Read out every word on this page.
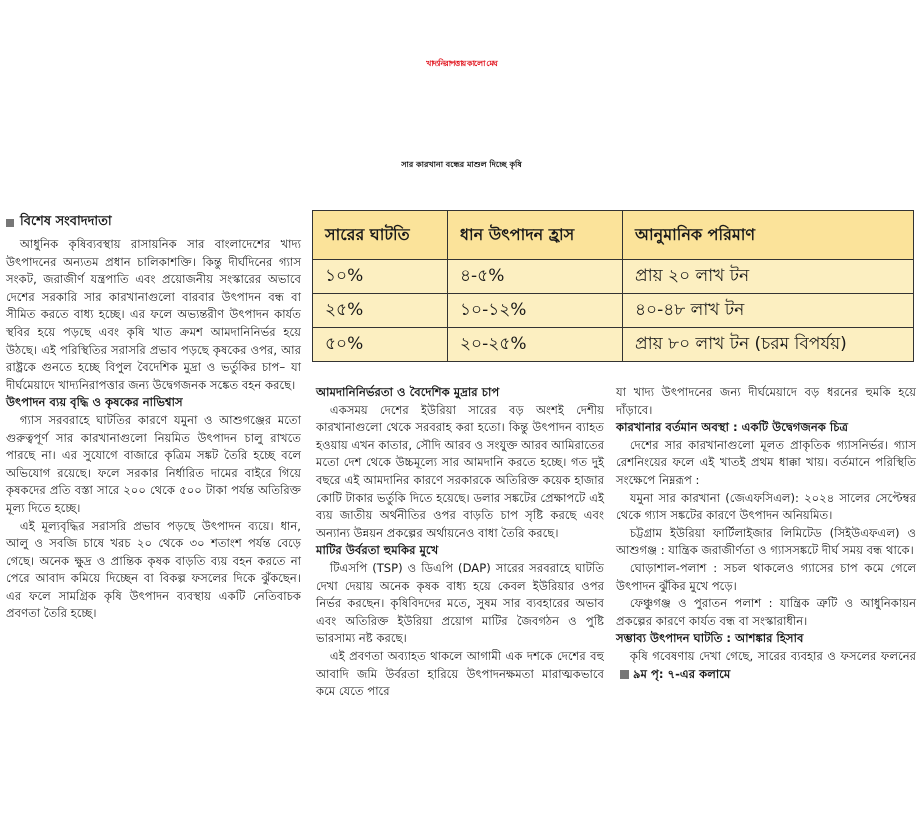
খাদ্যনিরাপত্তায় কালো মেঘ
সার কারখানা বন্ধের মাশুল দিচ্ছে কৃষি
বিশেষ সংবাদদাতা
সারের ঘাটতি	ধান উৎপাদন হ্রাস	আনুমানিক পরিমাণ
১০%	৪-৫%	প্রায় ২০ লাখ টন
২৫%	১০-১২%	৪০-৪৮ লাখ টন
৫০%	২০-২৫%	প্রায় ৮০ লাখ টন (চরম বিপর্যয়)

আধুনিক কৃষিব্যবস্থায় রাসায়নিক সার বাংলাদেশের খাদ্য উৎপাদনের অন্যতম প্রধান চালিকাশক্তি। কিন্তু দীর্ঘদিনের গ্যাস সংকট, জরাজীর্ণ যন্ত্রপাতি এবং প্রয়োজনীয় সংস্কারের অভাবে দেশের সরকারি সার কারখানাগুলো বারবার উৎপাদন বন্ধ বা সীমিত করতে বাধ্য হচ্ছে। এর ফলে অভ্যন্তরীণ উৎপাদন কার্যত স্থবির হয়ে পড়ছে এবং কৃষি খাত ক্রমশ আমদানিনির্ভর হয়ে উঠছে। এই পরিস্থিতির সরাসরি প্রভাব পড়ছে কৃষকের ওপর, আর রাষ্ট্রকে গুনতে হচ্ছে বিপুল বৈদেশিক মুদ্রা ও ভর্তুকির চাপ– যা দীর্ঘমেয়াদে খাদ্যনিরাপত্তার জন্য উদ্বেগজনক সঙ্কেত বহন করছে।

উৎপাদন ব্যয় বৃদ্ধি ও কৃষকের নাভিশ্বাস

গ্যাস সরবরাহে ঘাটতির কারণে যমুনা ও আশুগঞ্জের মতো গুরুত্বপূর্ণ সার কারখানাগুলো নিয়মিত উৎপাদন চালু রাখতে পারছে না। এর সুযোগে বাজারে কৃত্রিম সঙ্কট তৈরি হচ্ছে বলে অভিযোগ রয়েছে। ফলে সরকার নির্ধারিত দামের বাইরে গিয়ে কৃষকদের প্রতি বস্তা সারে ২০০ থেকে ৫০০ টাকা পর্যন্ত অতিরিক্ত মূল্য দিতে হচ্ছে।

এই মূল্যবৃদ্ধির সরাসরি প্রভাব পড়ছে উৎপাদন ব্যয়ে। ধান, আলু ও সবজি চাষে খরচ ২০ থেকে ৩০ শতাংশ পর্যন্ত বেড়ে গেছে। অনেক ক্ষুদ্র ও প্রান্তিক কৃষক বাড়তি ব্যয় বহন করতে না পেরে আবাদ কমিয়ে দিচ্ছেন বা বিকল্প ফসলের দিকে ঝুঁকছেন। এর ফলে সামগ্রিক কৃষি উৎপাদন ব্যবস্থায় একটি নেতিবাচক প্রবণতা তৈরি হচ্ছে।

আমদানিনির্ভরতা ও বৈদেশিক মুদ্রার চাপ

একসময় দেশের ইউরিয়া সারের বড় অংশই দেশীয় কারখানাগুলো থেকে সরবরাহ করা হতো। কিন্তু উৎপাদন ব্যাহত হওয়ায় এখন কাতার, সৌদি আরব ও সংযুক্ত আরব আমিরাতের মতো দেশ থেকে উচ্চমূল্যে সার আমদানি করতে হচ্ছে। গত দুই বছরে এই আমদানির কারণে সরকারকে অতিরিক্ত কয়েক হাজার কোটি টাকার ভর্তুকি দিতে হয়েছে। ডলার সঙ্কটের প্রেক্ষাপটে এই ব্যয় জাতীয় অর্থনীতির ওপর বাড়তি চাপ সৃষ্টি করছে এবং অন্যান্য উন্নয়ন প্রকল্পের অর্থায়নেও বাধা তৈরি করছে।

মাটির উর্বরতা হুমকির মুখে

টিএসপি (TSP) ও ডিএপি (DAP) সারের সরবরাহে ঘাটতি দেখা দেয়ায় অনেক কৃষক বাধ্য হয়ে কেবল ইউরিয়ার ওপর নির্ভর করছেন। কৃষিবিদদের মতে, সুষম সার ব্যবহারের অভাব এবং অতিরিক্ত ইউরিয়া প্রয়োগ মাটির জৈবগঠন ও পুষ্টি ভারসাম্য নষ্ট করছে।

এই প্রবণতা অব্যাহত থাকলে আগামী এক দশকে দেশের বহু আবাদি জমি উর্বরতা হারিয়ে উৎপাদনক্ষমতা মারাত্মকভাবে কমে যেতে পারে

যা খাদ্য উৎপাদনের জন্য দীর্ঘমেয়াদে বড় ধরনের হুমকি হয়ে দাঁড়াবে।

কারখানার বর্তমান অবস্থা : একটি উদ্বেগজনক চিত্র

দেশের সার কারখানাগুলো মূলত প্রাকৃতিক গ্যাসনির্ভর। গ্যাস রেশনিংয়ের ফলে এই খাতই প্রথম ধাক্কা খায়। বর্তমানে পরিস্থিতি সংক্ষেপে নিম্নরূপ :

যমুনা সার কারখানা (জেএফসিএল): ২০২৪ সালের সেপ্টেম্বর থেকে গ্যাস সঙ্কটের কারণে উৎপাদন অনিয়মিত।

চট্টগ্রাম ইউরিয়া ফার্টিলাইজার লিমিটেড (সিইউএফএল) ও আশুগঞ্জ : যান্ত্রিক জরাজীর্ণতা ও গ্যাসসঙ্কটে দীর্ঘ সময় বন্ধ থাকে।

ঘোড়াশাল-পলাশ : সচল থাকলেও গ্যাসের চাপ কমে গেলে উৎপাদন ঝুঁকির মুখে পড়ে।

ফেঞ্চুগঞ্জ ও পুরাতন পলাশ : যান্ত্রিক ত্রুটি ও আধুনিকায়ন প্রকল্পের কারণে কার্যত বন্ধ বা সংস্কারাধীন।

সম্ভাব্য উৎপাদন ঘাটতি : আশঙ্কার হিসাব

কৃষি গবেষণায় দেখা গেছে, সারের ব্যবহার ও ফসলের ফলনের৯ম পৃ: ৭-এর কলামে
